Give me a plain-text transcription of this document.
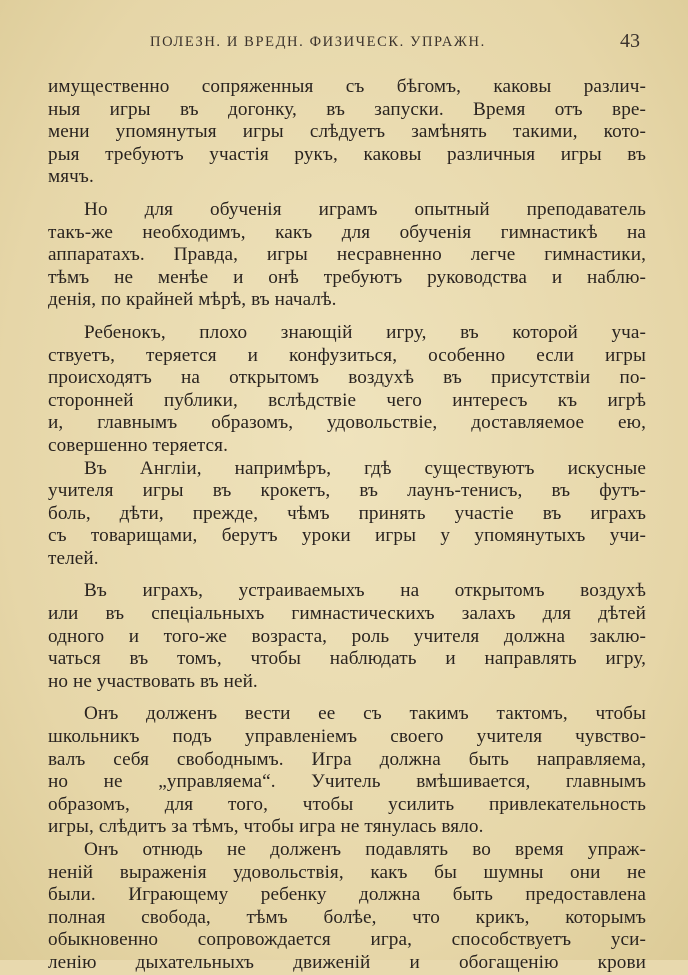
ПОЛЕЗН. И ВРЕДН. ФИЗИЧЕСК. УПРАЖН.	43
имущественно сопряженныя съ бѣгомъ, каковы различ-
ныя игры въ догонку, въ запуски. Время отъ вре-
мени упомянутыя игры слѣдуетъ замѣнять такими, кото-
рыя требуютъ участія рукъ, каковы различныя игры въ
мячъ.
Но для обученія играмъ опытный преподаватель
такъ-же необходимъ, какъ для обученія гимнастикѣ на
аппаратахъ. Правда, игры несравненно легче гимнастики,
тѣмъ не менѣе и онѣ требуютъ руководства и наблю-
денія, по крайней мѣрѣ, въ началѣ.
Ребенокъ, плохо знающій игру, въ которой уча-
ствуетъ, теряется и конфузиться, особенно если игры
происходятъ на открытомъ воздухѣ въ присутствіи по-
сторонней публики, вслѣдствіе чего интересъ къ игрѣ
и, главнымъ образомъ, удовольствіе, доставляемое ею,
совершенно теряется.
Въ Англіи, напримѣръ, гдѣ существуютъ искусные
учителя игры въ крокетъ, въ лаунъ-тенисъ, въ футъ-
боль, дѣти, прежде, чѣмъ принять участіе въ играхъ
съ товарищами, берутъ уроки игры у упомянутыхъ учи-
телей.
Въ играхъ, устраиваемыхъ на открытомъ воздухѣ
или въ спеціальныхъ гимнастическихъ залахъ для дѣтей
одного и того-же возраста, роль учителя должна заклю-
чаться въ томъ, чтобы наблюдать и направлять игру,
но не участвовать въ ней.
Онъ долженъ вести ее съ такимъ тактомъ, чтобы
школьникъ подъ управленіемъ своего учителя чувство-
валъ себя свободнымъ. Игра должна быть направляема,
но не „управляема“. Учитель вмѣшивается, главнымъ
образомъ, для того, чтобы усилить привлекательность
игры, слѣдитъ за тѣмъ, чтобы игра не тянулась вяло.
Онъ отнюдь не долженъ подавлять во время упраж-
неній выраженія удовольствія, какъ бы шумны они не
были. Играющему ребенку должна быть предоставлена
полная свобода, тѣмъ болѣе, что крикъ, которымъ
обыкновенно сопровождается игра, способствуетъ уси-
ленію дыхательныхъ движеній и обогащенію крови
